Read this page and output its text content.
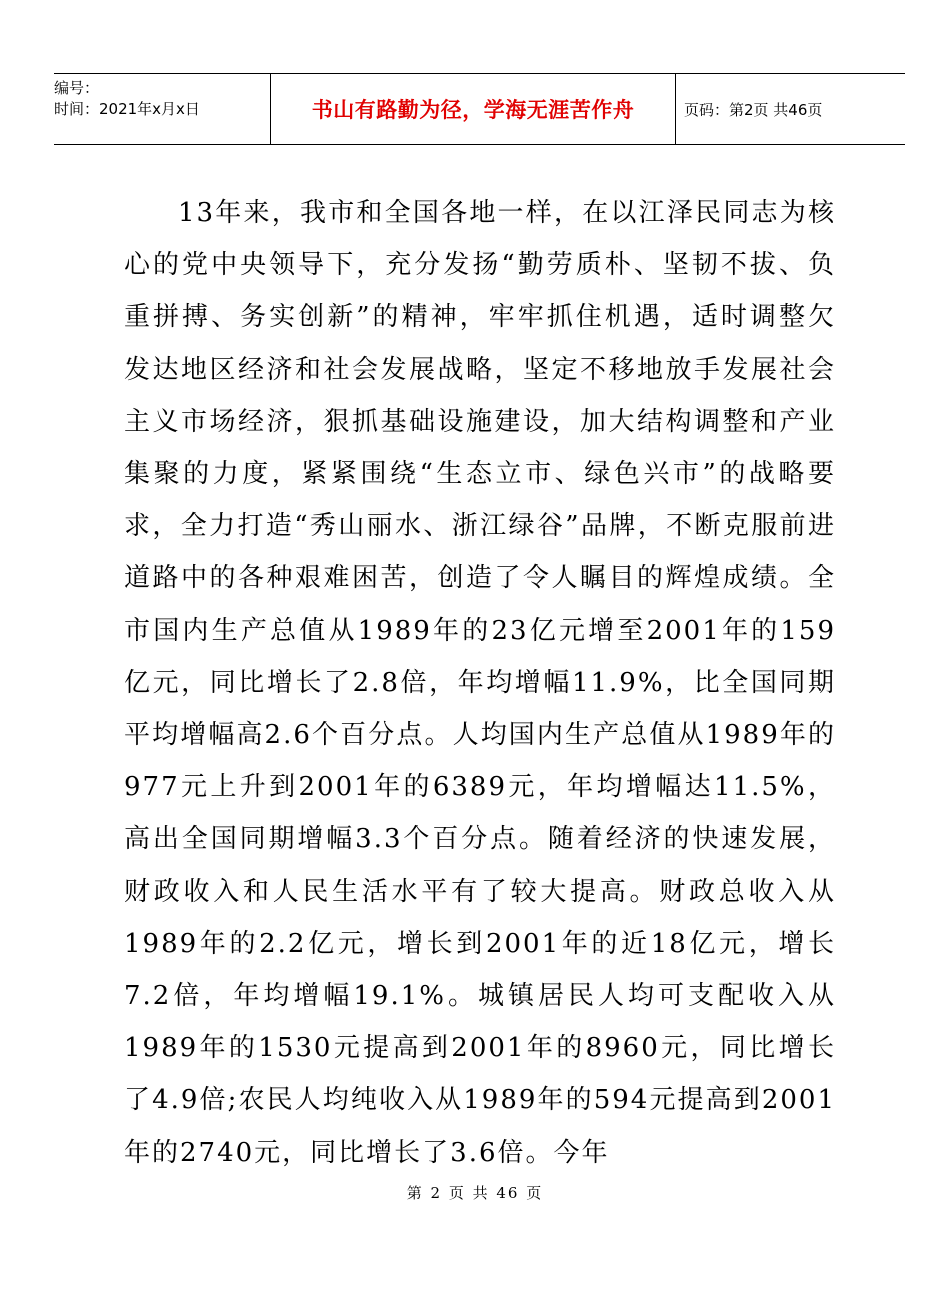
编号：
时间：2021年x月x日	书山有路勤为径，学海无涯苦作舟	页码：第2页 共46页

13年来，我市和全国各地一样，在以江泽民同志为核心的党中央领导下，充分发扬“勤劳质朴、坚韧不拔、负重拼搏、务实创新”的精神，牢牢抓住机遇，适时调整欠发达地区经济和社会发展战略，坚定不移地放手发展社会主义市场经济，狠抓基础设施建设，加大结构调整和产业集聚的力度，紧紧围绕“生态立市、绿色兴市”的战略要求，全力打造“秀山丽水、浙江绿谷”品牌，不断克服前进道路中的各种艰难困苦，创造了令人瞩目的辉煌成绩。全市国内生产总值从1989年的23亿元增至2001年的159亿元，同比增长了2.8倍，年均增幅11.9%，比全国同期平均增幅高2.6个百分点。人均国内生产总值从1989年的977元上升到2001年的6389元，年均增幅达11.5%，高出全国同期增幅3.3个百分点。随着经济的快速发展，财政收入和人民生活水平有了较大提高。财政总收入从1989年的2.2亿元，增长到2001年的近18亿元，增长7.2倍，年均增幅19.1%。城镇居民人均可支配收入从1989年的1530元提高到2001年的8960元，同比增长了4.9倍;农民人均纯收入从1989年的594元提高到2001年的2740元，同比增长了3.6倍。今年

第 2 页 共 46 页
